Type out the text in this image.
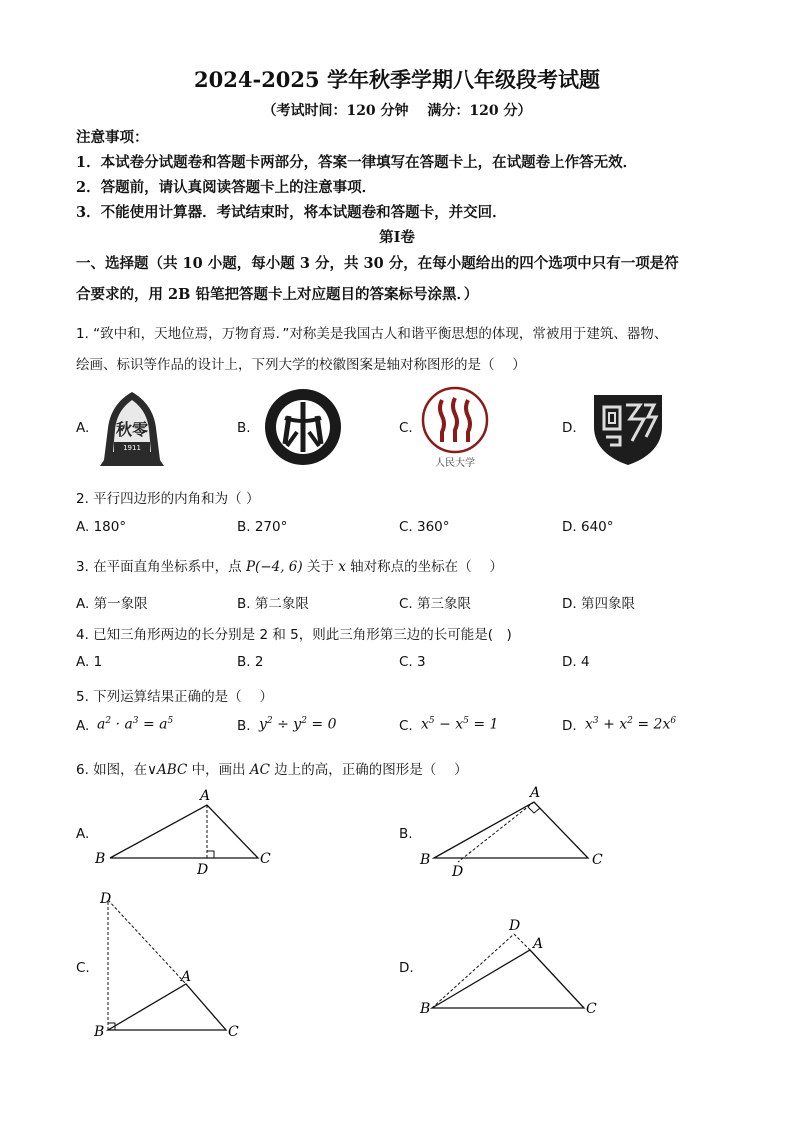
2024-2025 学年秋季学期八年级段考试题
（考试时间：120 分钟　 满分：120 分）
注意事项：
1．本试卷分试题卷和答题卡两部分，答案一律填写在答题卡上，在试题卷上作答无效．
2．答题前，请认真阅读答题卡上的注意事项．
3．不能使用计算器．考试结束时，将本试题卷和答题卡，并交回．
第Ⅰ卷
一、选择题（共 10 小题，每小题 3 分，共 30 分，在每小题给出的四个选项中只有一项是符
合要求的，用 2B 铅笔把答题卡上对应题目的答案标号涂黑．）
1. “致中和，天地位焉，万物育焉．”对称美是我国古人和谐平衡思想的体现，常被用于建筑、器物、
绘画、标识等作品的设计上，下列大学的校徽图案是轴对称图形的是（　 ）
A.	B.	C.	D.
秋零
1911
人民大学
2. 平行四边形的内角和为（ ）
A. 180°	B. 270°	C. 360°	D. 640°
3. 在平面直角坐标系中，点 P(−4, 6) 关于 x 轴对称点的坐标在（　 ）
A. 第一象限	B. 第二象限	C. 第三象限	D. 第四象限
4. 已知三角形两边的长分别是 2 和 5，则此三角形第三边的长可能是(　)
A. 1	B. 2	C. 3	D. 4
5. 下列运算结果正确的是（　 ）
A.	B.	C.	D.
$a^2 \cdot a^3 = a^5$	$y^2 \div y^2 = 0$	$x^5 - x^5 = 1$	$x^3 + x^2 = 2x^6$
6. 如图，在∨ABC 中，画出 AC 边上的高，正确的图形是（　 ）
A.	B.
C.	D.
A
B	C
D
A
B	C
D
D
A
B	C
D
A
B	C
